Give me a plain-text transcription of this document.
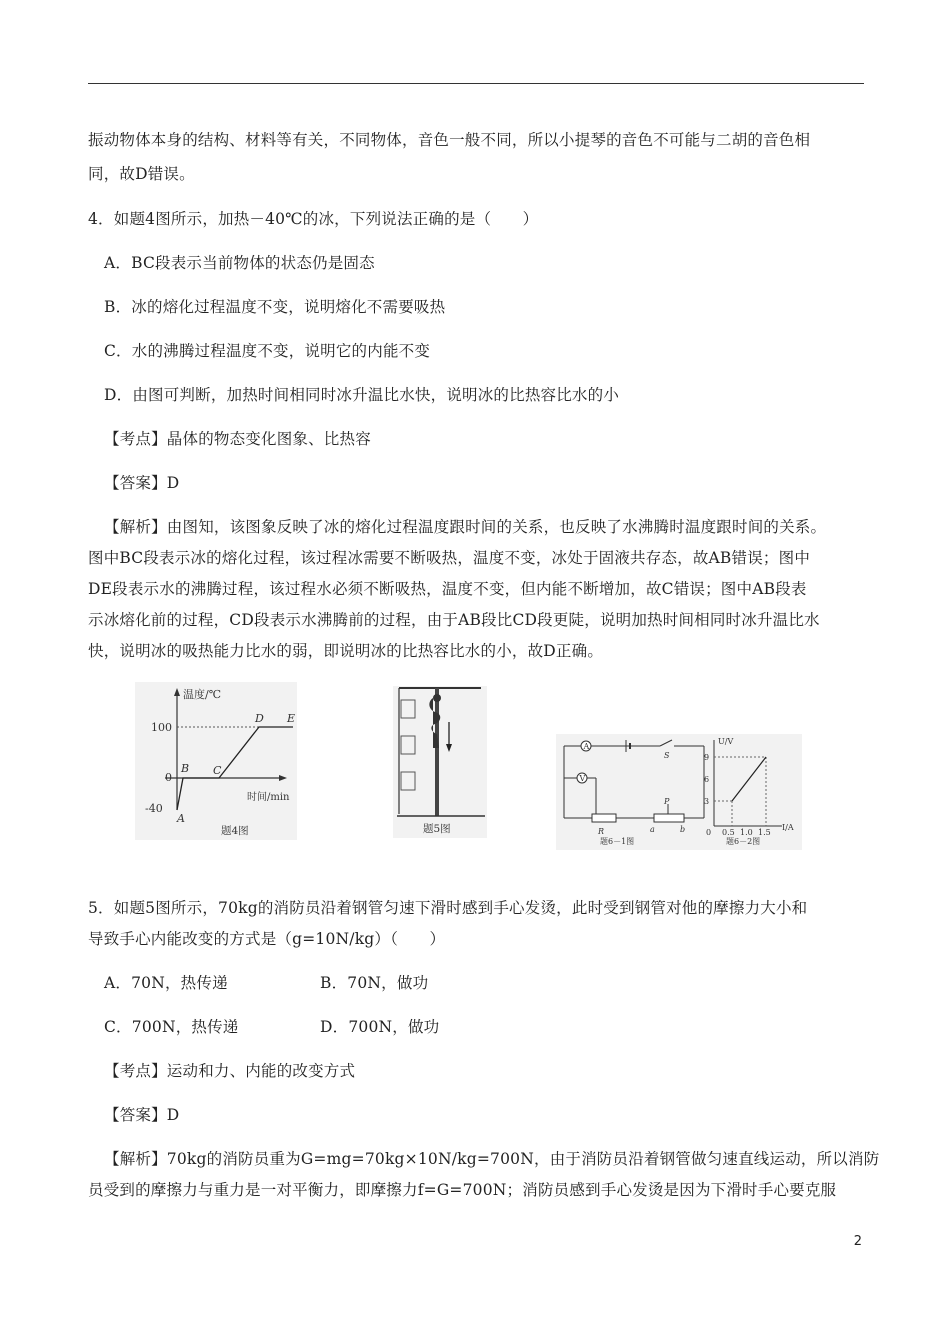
振动物体本身的结构、材料等有关，不同物体，音色一般不同，所以小提琴的音色不可能与二胡的音色相
同，故D错误。
4．如题4图所示，加热－40℃的冰，下列说法正确的是（　　）
A．BC段表示当前物体的状态仍是固态
B．冰的熔化过程温度不变，说明熔化不需要吸热
C．水的沸腾过程温度不变，说明它的内能不变
D．由图可判断，加热时间相同时冰升温比水快，说明冰的比热容比水的小
【考点】晶体的物态变化图象、比热容
【答案】D
【解析】由图知，该图象反映了冰的熔化过程温度跟时间的关系，也反映了水沸腾时温度跟时间的关系。
图中BC段表示冰的熔化过程，该过程冰需要不断吸热，温度不变，冰处于固液共存态，故AB错误；图中
DE段表示水的沸腾过程，该过程水必须不断吸热，温度不变，但内能不断增加，故C错误；图中AB段表
示冰熔化前的过程，CD段表示水沸腾前的过程，由于AB段比CD段更陡，说明加热时间相同时冰升温比水
快，说明冰的吸热能力比水的弱，即说明冰的比热容比水的小，故D正确。
温度/℃
时间/min
100
0
-40
A
B C
D E
题4图	题5图
A
V
S
R
P
a	b
题6－1图
U/V
I/A
9
6
3
0 0.5 1.0 1.5
题6－2图
5．如题5图所示，70kg的消防员沿着钢管匀速下滑时感到手心发烫，此时受到钢管对他的摩擦力大小和
导致手心内能改变的方式是（g=10N/kg）（　　）
A．70N，热传递	B．70N，做功
C．700N，热传递	D．700N，做功
【考点】运动和力、内能的改变方式
【答案】D
【解析】70kg的消防员重为G=mg=70kg×10N/kg=700N，由于消防员沿着钢管做匀速直线运动，所以消防
员受到的摩擦力与重力是一对平衡力，即摩擦力f=G=700N；消防员感到手心发烫是因为下滑时手心要克服
2
